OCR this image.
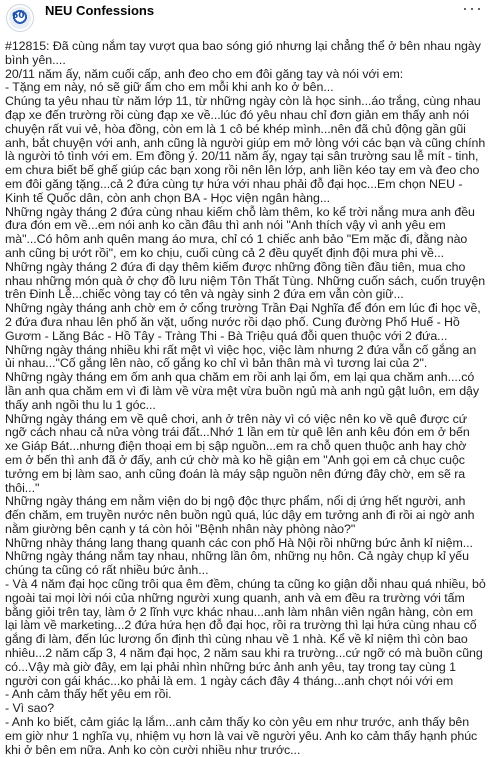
60 NEU Confessions	···

#12815: Đã cùng nắm tay vượt qua bao sóng gió nhưng lại chẳng thể ở bên nhau ngày bình yên....

20/11 năm ấy, năm cuối cấp, anh đeo cho em đôi găng tay và nói với em:

- Tặng em này, nó sẽ giữ ấm cho em mỗi khi anh ko ở bên...

Chúng ta yêu nhau từ năm lớp 11, từ những ngày còn là học sinh...áo trắng, cùng nhau đạp xe đến trường rồi cùng đạp xe về...lúc đó yêu nhau chỉ đơn giản em thấy anh nói chuyện rất vui vẻ, hòa đồng, còn em là 1 cô bé khép mình...nên đã chủ động gần gũi anh, bắt chuyện với anh, anh cũng là người giúp em mở lòng với các bạn và cũng chính là người tỏ tình với em. Em đồng ý. 20/11 năm ấy, ngay tại sân trường sau lễ mít - tinh, em chưa biết bế ghế giúp các bạn xong rồi nên lên lớp, anh liền kéo tay em và đeo cho em đôi găng tặng...cả 2 đứa cùng tự hứa với nhau phải đỗ đại học...Em chọn NEU - Kinh tế Quốc dân, còn anh chọn BA - Học viện ngân hàng...

Những ngày tháng 2 đứa cùng nhau kiếm chỗ làm thêm, ko kể trời nắng mưa anh đều đưa đón em về...em nói anh ko cần đâu thì anh nói "Anh thích vậy vì anh yêu em mà"...Có hôm anh quên mang áo mưa, chỉ có 1 chiếc anh bảo "Em mặc đi, đằng nào anh cũng bị ướt rồi", em ko chịu, cuối cùng cả 2 đều quyết định đội mưa phi về...

Những ngày tháng 2 đứa đi dạy thêm kiếm được những đồng tiền đầu tiên, mua cho nhau những món quà ở chợ đồ lưu niệm Tôn Thất Tùng. Những cuốn sách, cuốn truyện trên Đinh Lễ...chiếc vòng tay có tên và ngày sinh 2 đứa em vẫn còn giữ...

Những ngày tháng anh chờ em ở cổng trường Trần Đại Nghĩa để đón em lúc đi học về, 2 đứa đưa nhau lên phố ăn vặt, uống nước rồi dạo phố. Cung đường Phố Huế - Hồ Gươm - Lăng Bác - Hồ Tây - Tràng Thi - Bà Triệu quá đỗi quen thuộc với 2 đứa...

Những ngày tháng nhiều khi rất mệt vì việc học, việc làm nhưng 2 đứa vẫn cố gắng an ủi nhau..."Cố gắng lên nào, cố gắng ko chỉ vì bản thân mà vì tương lai của 2".

Những ngày tháng em ốm anh qua chăm em rồi anh lại ốm, em lại qua chăm anh....có lần anh qua chăm em vì đi làm về vừa mệt vừa buồn ngủ mà anh ngủ gật luôn, em dậy thấy anh ngồi thu lu 1 góc...

Những ngày tháng em về quê chơi, anh ở trên này vì có việc nên ko về quê được cứ ngỡ cách nhau cả nửa vòng trái đất...Nhớ 1 lần em từ quê lên anh kêu đón em ở bến xe Giáp Bát...nhưng điện thoại em bị sập nguồn...em ra chỗ quen thuộc anh hay chờ em ở bến thì anh đã ở đấy, anh cứ chờ mà ko hề giận em "Anh gọi em cả chục cuộc tưởng em bị làm sao, anh cũng đoán là máy sập nguồn nên đứng đây chờ, em sẽ ra thôi..."

Những ngày tháng em nằm viện do bị ngộ độc thực phẩm, nổi dị ứng hết người, anh đến chăm, em truyền nước nên buồn ngủ quá, lúc dậy em tưởng anh đi rồi ai ngờ anh nằm giường bên cạnh y tá còn hỏi "Bệnh nhân này phòng nào?"

Những nhày tháng lang thang quanh các con phố Hà Nội rồi những bức ảnh kỉ niệm...

Những ngày tháng nắm tay nhau, những lần ôm, những nụ hôn. Cả ngày chụp kỉ yếu chúng ta cũng có rất nhiều bức ảnh...

- Và 4 năm đại học cũng trôi qua êm đềm, chúng ta cũng ko giận dỗi nhau quá nhiều, bỏ ngoài tai mọi lời nói của những người xung quanh, anh và em đều ra trường với tấm bằng giỏi trên tay, làm ở 2 lĩnh vực khác nhau...anh làm nhân viên ngân hàng, còn em lại làm về marketing...2 đứa hứa hẹn đỗ đại học, rồi ra trường thì lại hứa cùng nhau cố gắng đi làm, đến lúc lương ổn định thì cùng nhau về 1 nhà. Kể về kỉ niệm thì còn bao nhiêu...2 năm cấp 3, 4 năm đại học, 2 năm sau khi ra trường...cứ ngỡ có mà buồn cũng có...Vậy mà giờ đây, em lại phải nhìn những bức ảnh anh yêu, tay trong tay cùng 1 người con gái khác...ko phải là em. 1 ngày cách đây 4 tháng...anh chợt nói với em

- Anh cảm thấy hết yêu em rồi.

- Vì sao?

- Anh ko biết, cảm giác lạ lắm...anh cảm thấy ko còn yêu em như trước, anh thấy bên em giờ như 1 nghĩa vụ, nhiệm vụ hơn là vai về người yêu. Anh ko cảm thấy hạnh phúc khi ở bên em nữa. Anh ko còn cười nhiều như trước...
